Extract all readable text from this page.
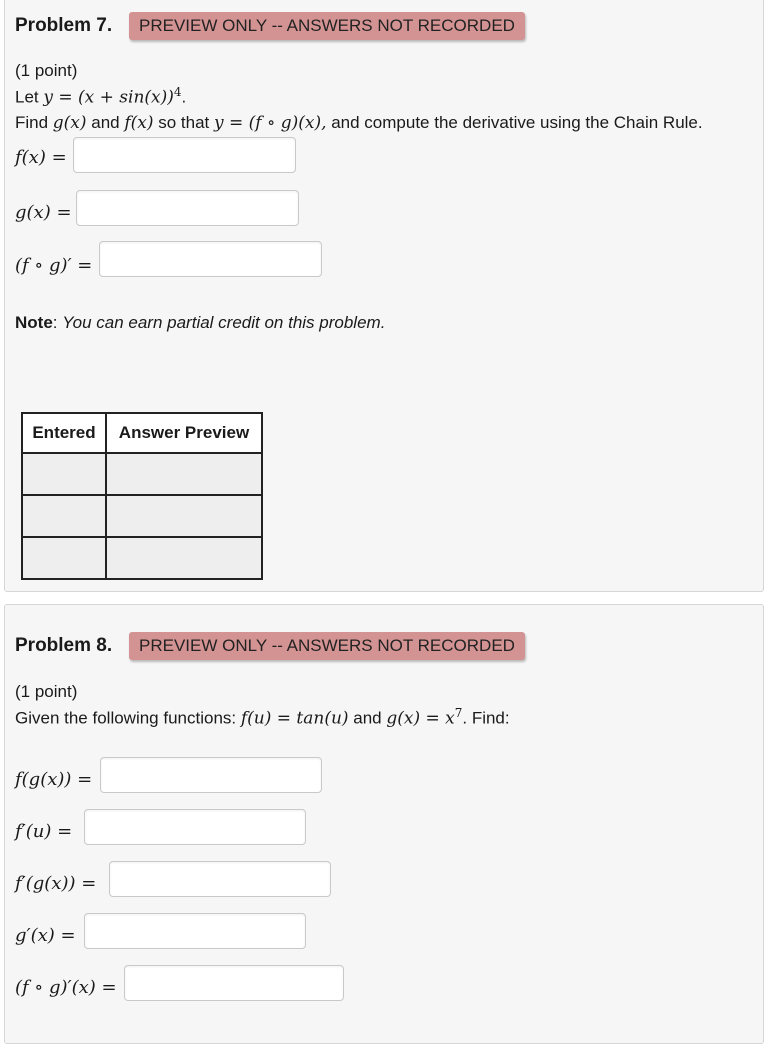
Problem 7.	PREVIEW ONLY -- ANSWERS NOT RECORDED
(1 point)
Let $y = (x + \sin(x))^4$.
Find g(x) and f(x) so that y = (f ∘ g)(x), and compute the derivative using the Chain Rule.
f(x) =
g(x) =
(f ∘ g)′ =
Note: You can earn partial credit on this problem.
Entered	Answer Preview

Problem 8.	PREVIEW ONLY -- ANSWERS NOT RECORDED
(1 point)
Given the following functions: f(u) = tan(u) and $g(x) = x^7$. Find:
f(g(x)) =
f′(u) =
f′(g(x)) =
g′(x) =
(f ∘ g)′(x) =
